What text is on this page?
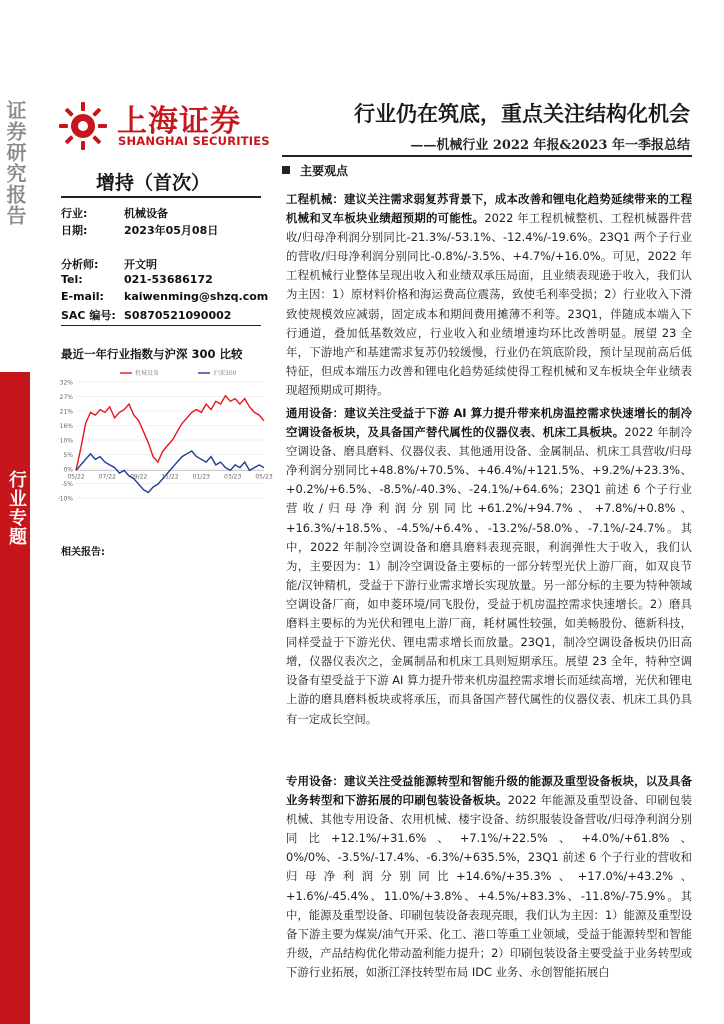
证券研究报告
行业专题
上海证券
SHANGHAI SECURITIES
行业仍在筑底，重点关注结构化机会
——机械行业 2022 年报&2023 年一季报总结
增持（首次）
行业:	机械设备
日期:	2023年05月08日
分析师: 开文明
Tel:	021-53686172
E-mail: kaiwenming@shzq.com
SAC 编号: S0870521090002
最近一年行业指数与沪深 300 比较
32%
27%
21%
16%
10%
5%
0%
-5%
-10%
05/22 07/22 09/22 11/22 01/23 03/23 05/23
机械设备	沪深300
相关报告:
主要观点
工程机械：建议关注需求弱复苏背景下，成本改善和锂电化趋势延续带来的工程机械和叉车板块业绩超预期的可能性。2022 年工程机械整机、工程机械器件营收/归母净利润分别同比-21.3%/-53.1%、-12.4%/-19.6%。23Q1 两个子行业的营收/归母净利润分别同比-0.8%/-3.5%、+4.7%/+16.0%。可见，2022 年工程机械行业整体呈现出收入和业绩双承压局面，且业绩表现逊于收入，我们认为主因：1）原材料价格和海运费高位震荡，致使毛利率受损；2）行业收入下滑致使规模效应减弱，固定成本和期间费用摊薄不利等。23Q1，伴随成本端入下行通道，叠加低基数效应，行业收入和业绩增速均环比改善明显。展望 23 全年，下游地产和基建需求复苏仍较缓慢，行业仍在筑底阶段，预计呈现前高后低特征，但成本端压力改善和锂电化趋势延续使得工程机械和叉车板块全年业绩表现超预期成可期待。
通用设备：建议关注受益于下游 AI 算力提升带来机房温控需求快速增长的制冷空调设备板块，及具备国产替代属性的仪器仪表、机床工具板块。2022 年制冷空调设备、磨具磨料、仪器仪表、其他通用设备、金属制品、机床工具营收/归母净利润分别同比+48.8%/+70.5%、+46.4%/+121.5%、+9.2%/+23.3%、+0.2%/+6.5%、-8.5%/-40.3%、-24.1%/+64.6%；23Q1 前述 6 个子行业营收/归母净利润分别同比+61.2%/+94.7%、+7.8%/+0.8%、+16.3%/+18.5%、-4.5%/+6.4%、-13.2%/-58.0%、-7.1%/-24.7%。其中，2022 年制冷空调设备和磨具磨料表现亮眼，利润弹性大于收入，我们认为，主要因为：1）制冷空调设备主要标的一部分转型光伏上游厂商，如双良节能/汉钟精机，受益于下游行业需求增长实现放量。另一部分标的主要为特种领域空调设备厂商，如申菱环境/同飞股份，受益于机房温控需求快速增长。2）磨具磨料主要标的为光伏和锂电上游厂商，耗材属性较强，如美畅股份、德新科技，同样受益于下游光伏、锂电需求增长而放量。23Q1，制冷空调设备板块仍旧高增，仪器仪表次之，金属制品和机床工具则短期承压。展望 23 全年，特种空调设备有望受益于下游 AI 算力提升带来机房温控需求增长而延续高增，光伏和锂电上游的磨具磨料板块或将承压，而具备国产替代属性的仪器仪表、机床工具仍具有一定成长空间。
专用设备：建议关注受益能源转型和智能升级的能源及重型设备板块，以及具备业务转型和下游拓展的印刷包装设备板块。2022 年能源及重型设备、印刷包装机械、其他专用设备、农用机械、楼宇设备、纺织服装设备营收/归母净利润分别同比+12.1%/+31.6%、+7.1%/+22.5%、+4.0%/+61.8%、0%/0%、-3.5%/-17.4%、-6.3%/+635.5%，23Q1 前述 6 个子行业的营收和归母净利润分别同比+14.6%/+35.3%、+17.0%/+43.2%、+1.6%/-45.4%、11.0%/+3.8%、+4.5%/+83.3%、-11.8%/-75.9%。其中，能源及重型设备、印刷包装设备表现亮眼，我们认为主因：1）能源及重型设备下游主要为煤炭/油气开采、化工、港口等重工业领域，受益于能源转型和智能升级，产品结构优化带动盈利能力提升；2）印刷包装设备主要受益于业务转型或下游行业拓展，如浙江泽技转型布局 IDC 业务、永创智能拓展白
